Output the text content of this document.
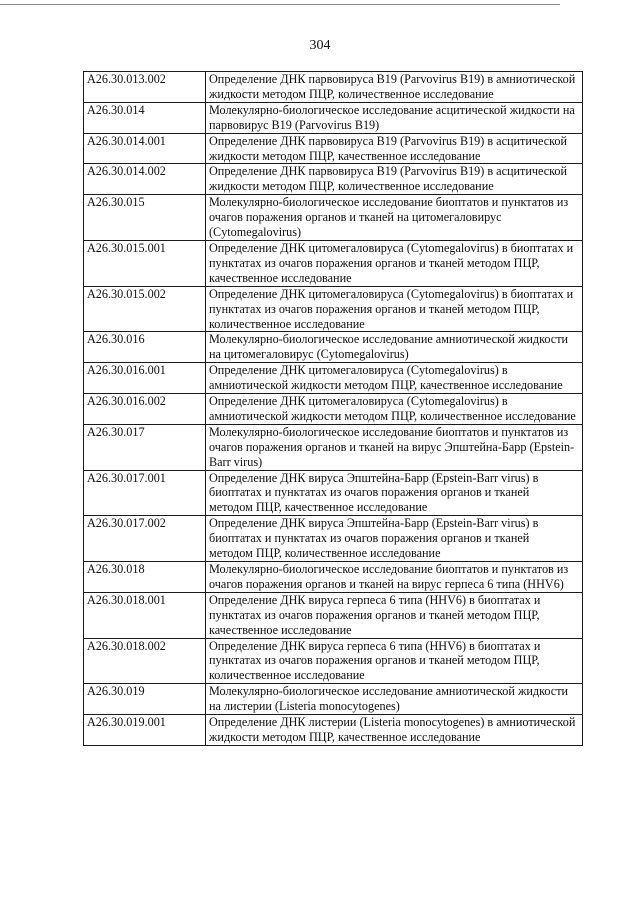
304
A26.30.013.002	Определение ДНК парвовируса B19 (Parvovirus B19) в амниотической жидкости методом ПЦР, количественное исследование
A26.30.014	Молекулярно-биологическое исследование асцитической жидкости на парвовирус B19 (Parvovirus B19)
A26.30.014.001	Определение ДНК парвовируса B19 (Parvovirus B19) в асцитической жидкости методом ПЦР, качественное исследование
A26.30.014.002	Определение ДНК парвовируса B19 (Parvovirus B19) в асцитической жидкости методом ПЦР, количественное исследование
A26.30.015	Молекулярно-биологическое исследование биоптатов и пунктатов из очагов поражения органов и тканей на цитомегаловирус (Cytomegalovirus)
A26.30.015.001	Определение ДНК цитомегаловируса (Cytomegalovirus) в биоптатах и пунктатах из очагов поражения органов и тканей методом ПЦР, качественное исследование
A26.30.015.002	Определение ДНК цитомегаловируса (Cytomegalovirus) в биоптатах и пунктатах из очагов поражения органов и тканей методом ПЦР, количественное исследование
A26.30.016	Молекулярно-биологическое исследование амниотической жидкости на цитомегаловирус (Cytomegalovirus)
A26.30.016.001	Определение ДНК цитомегаловируса (Cytomegalovirus) в амниотической жидкости методом ПЦР, качественное исследование
A26.30.016.002	Определение ДНК цитомегаловируса (Cytomegalovirus) в амниотической жидкости методом ПЦР, количественное исследование
A26.30.017	Молекулярно-биологическое исследование биоптатов и пунктатов из очагов поражения органов и тканей на вирус Эпштейна-Барр (Epstein-Barr virus)
A26.30.017.001	Определение ДНК вируса Эпштейна-Барр (Epstein-Barr virus) в биоптатах и пунктатах из очагов поражения органов и тканей методом ПЦР, качественное исследование
A26.30.017.002	Определение ДНК вируса Эпштейна-Барр (Epstein-Barr virus) в биоптатах и пунктатах из очагов поражения органов и тканей методом ПЦР, количественное исследование
A26.30.018	Молекулярно-биологическое исследование биоптатов и пунктатов из очагов поражения органов и тканей на вирус герпеса 6 типа (HHV6)
A26.30.018.001	Определение ДНК вируса герпеса 6 типа (HHV6) в биоптатах и пунктатах из очагов поражения органов и тканей методом ПЦР, качественное исследование
A26.30.018.002	Определение ДНК вируса герпеса 6 типа (HHV6) в биоптатах и пунктатах из очагов поражения органов и тканей методом ПЦР, количественное исследование
A26.30.019	Молекулярно-биологическое исследование амниотической жидкости на листерии (Listeria monocytogenes)
A26.30.019.001	Определение ДНК листерии (Listeria monocytogenes) в амниотической жидкости методом ПЦР, качественное исследование
